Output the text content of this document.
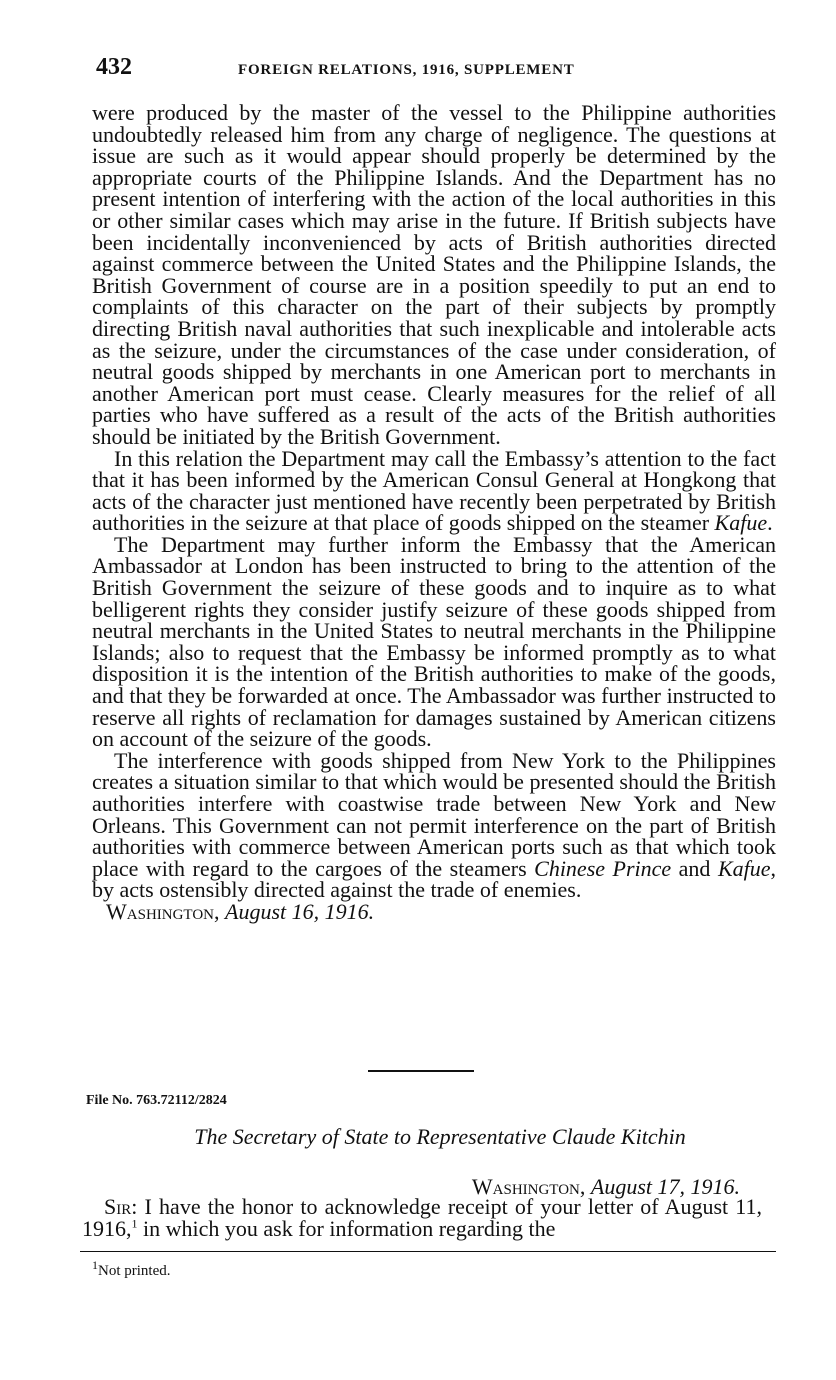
432	FOREIGN RELATIONS, 1916, SUPPLEMENT

were produced by the master of the vessel to the Philippine authorities undoubtedly released him from any charge of negligence. The questions at issue are such as it would appear should properly be determined by the appropriate courts of the Philippine Islands. And the Department has no present intention of interfering with the action of the local authorities in this or other similar cases which may arise in the future. If British subjects have been incidentally inconvenienced by acts of British authorities directed against commerce between the United States and the Philippine Islands, the British Government of course are in a position speedily to put an end to complaints of this character on the part of their subjects by promptly directing British naval authorities that such inexplicable and intolerable acts as the seizure, under the circumstances of the case under consideration, of neutral goods shipped by merchants in one American port to merchants in another American port must cease. Clearly measures for the relief of all parties who have suffered as a result of the acts of the British authorities should be initiated by the British Government.

In this relation the Department may call the Embassy’s attention to the fact that it has been informed by the American Consul General at Hongkong that acts of the character just mentioned have recently been perpetrated by British authorities in the seizure at that place of goods shipped on the steamer Kafue.

The Department may further inform the Embassy that the American Ambassador at London has been instructed to bring to the attention of the British Government the seizure of these goods and to inquire as to what belligerent rights they consider justify seizure of these goods shipped from neutral merchants in the United States to neutral merchants in the Philippine Islands; also to request that the Embassy be informed promptly as to what disposition it is the intention of the British authorities to make of the goods, and that they be forwarded at once. The Ambassador was further instructed to reserve all rights of reclamation for damages sustained by American citizens on account of the seizure of the goods.

The interference with goods shipped from New York to the Philippines creates a situation similar to that which would be presented should the British authorities interfere with coastwise trade between New York and New Orleans. This Government can not permit interference on the part of British authorities with commerce between American ports such as that which took place with regard to the cargoes of the steamers Chinese Prince and Kafue, by acts ostensibly directed against the trade of enemies.

Washington, August 16, 1916.

File No. 763.72112/2824
The Secretary of State to Representative Claude Kitchin
Washington, August 17, 1916.

Sir: I have the honor to acknowledge receipt of your letter of August 11, 1916,$^1$ in which you ask for information regarding the

$^1$Not printed.
